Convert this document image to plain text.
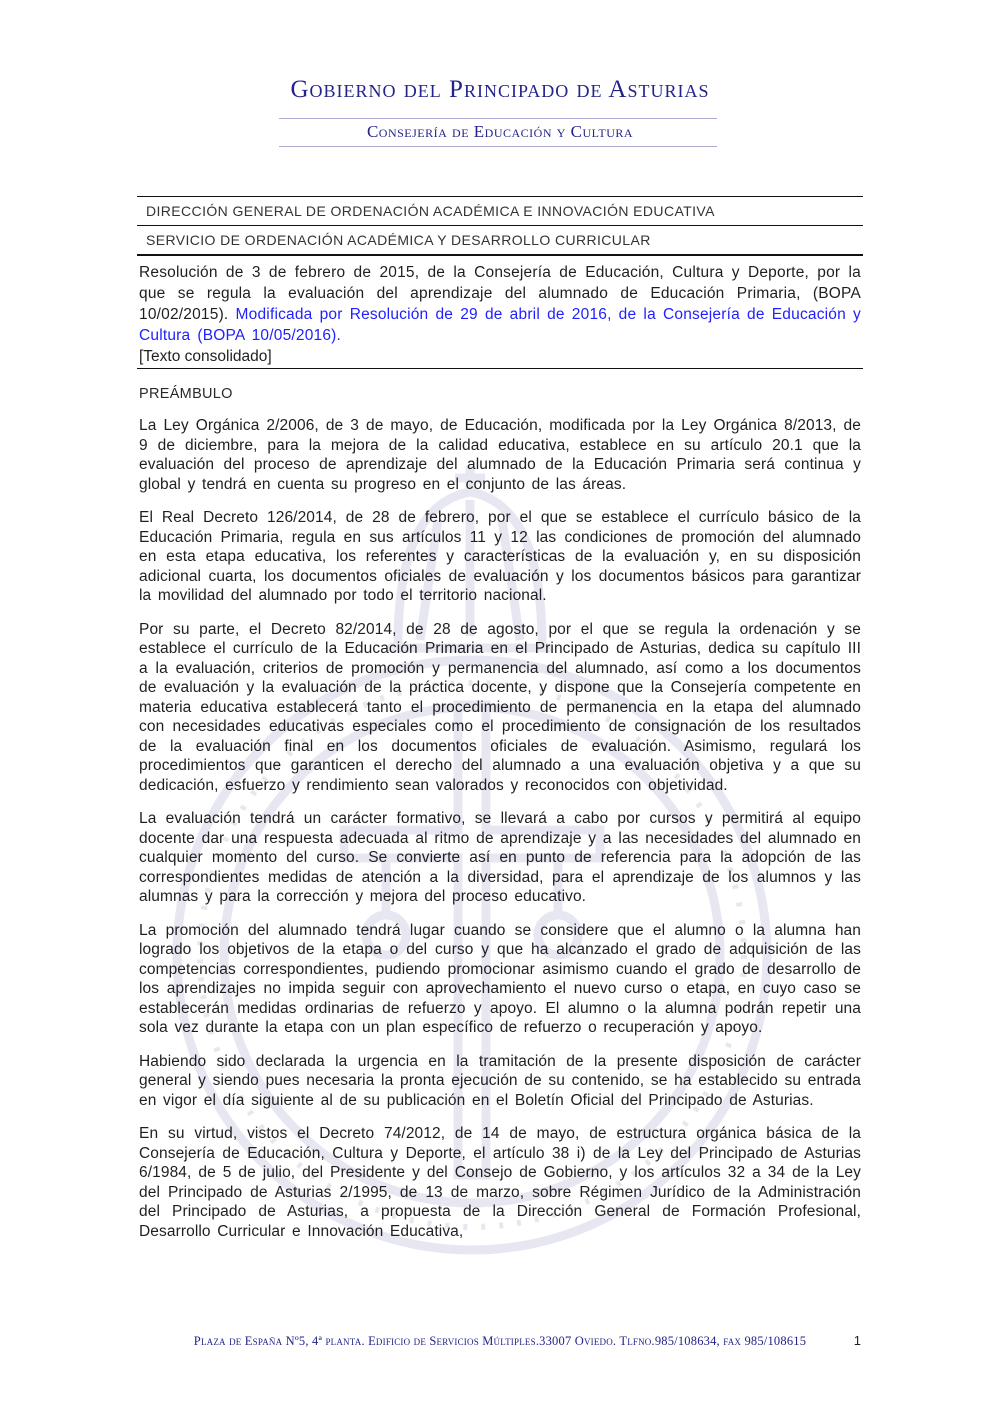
Gobierno del Principado de Asturias
Consejería de Educación y Cultura
DIRECCIÓN GENERAL DE ORDENACIÓN ACADÉMICA E INNOVACIÓN EDUCATIVA
SERVICIO DE ORDENACIÓN ACADÉMICA Y DESARROLLO CURRICULAR
Resolución de 3 de febrero de 2015, de la Consejería de Educación, Cultura y Deporte, por la que se regula la evaluación del aprendizaje del alumnado de Educación Primaria, (BOPA 10/02/2015). Modificada por Resolución de 29 de abril de 2016, de la Consejería de Educación y Cultura (BOPA 10/05/2016).
[Texto consolidado]
PREÁMBULO

La Ley Orgánica 2/2006, de 3 de mayo, de Educación, modificada por la Ley Orgánica 8/2013, de 9 de diciembre, para la mejora de la calidad educativa, establece en su artículo 20.1 que la evaluación del proceso de aprendizaje del alumnado de la Educación Primaria será continua y global y tendrá en cuenta su progreso en el conjunto de las áreas.

El Real Decreto 126/2014, de 28 de febrero, por el que se establece el currículo básico de la Educación Primaria, regula en sus artículos 11 y 12 las condiciones de promoción del alumnado en esta etapa educativa, los referentes y características de la evaluación y, en su disposición adicional cuarta, los documentos oficiales de evaluación y los documentos básicos para garantizar la movilidad del alumnado por todo el territorio nacional.

Por su parte, el Decreto 82/2014, de 28 de agosto, por el que se regula la ordenación y se establece el currículo de la Educación Primaria en el Principado de Asturias, dedica su capítulo III a la evaluación, criterios de promoción y permanencia del alumnado, así como a los documentos de evaluación y la evaluación de la práctica docente, y dispone que la Consejería competente en materia educativa establecerá tanto el procedimiento de permanencia en la etapa del alumnado con necesidades educativas especiales como el procedimiento de consignación de los resultados de la evaluación final en los documentos oficiales de evaluación. Asimismo, regulará los procedimientos que garanticen el derecho del alumnado a una evaluación objetiva y a que su dedicación, esfuerzo y rendimiento sean valorados y reconocidos con objetividad.

La evaluación tendrá un carácter formativo, se llevará a cabo por cursos y permitirá al equipo docente dar una respuesta adecuada al ritmo de aprendizaje y a las necesidades del alumnado en cualquier momento del curso. Se convierte así en punto de referencia para la adopción de las correspondientes medidas de atención a la diversidad, para el aprendizaje de los alumnos y las alumnas y para la corrección y mejora del proceso educativo.

La promoción del alumnado tendrá lugar cuando se considere que el alumno o la alumna han logrado los objetivos de la etapa o del curso y que ha alcanzado el grado de adquisición de las competencias correspondientes, pudiendo promocionar asimismo cuando el grado de desarrollo de los aprendizajes no impida seguir con aprovechamiento el nuevo curso o etapa, en cuyo caso se establecerán medidas ordinarias de refuerzo y apoyo. El alumno o la alumna podrán repetir una sola vez durante la etapa con un plan específico de refuerzo o recuperación y apoyo.

Habiendo sido declarada la urgencia en la tramitación de la presente disposición de carácter general y siendo pues necesaria la pronta ejecución de su contenido, se ha establecido su entrada en vigor el día siguiente al de su publicación en el Boletín Oficial del Principado de Asturias.

En su virtud, vistos el Decreto 74/2012, de 14 de mayo, de estructura orgánica básica de la Consejería de Educación, Cultura y Deporte, el artículo 38 i) de la Ley del Principado de Asturias 6/1984, de 5 de julio, del Presidente y del Consejo de Gobierno, y los artículos 32 a 34 de la Ley del Principado de Asturias 2/1995, de 13 de marzo, sobre Régimen Jurídico de la Administración del Principado de Asturias, a propuesta de la Dirección General de Formación Profesional, Desarrollo Curricular e Innovación Educativa,

Plaza de España Nº5, 4ª planta. Edificio de Servicios Múltiples.33007 Oviedo. Tlfno.985/108634, fax 985/108615	1
